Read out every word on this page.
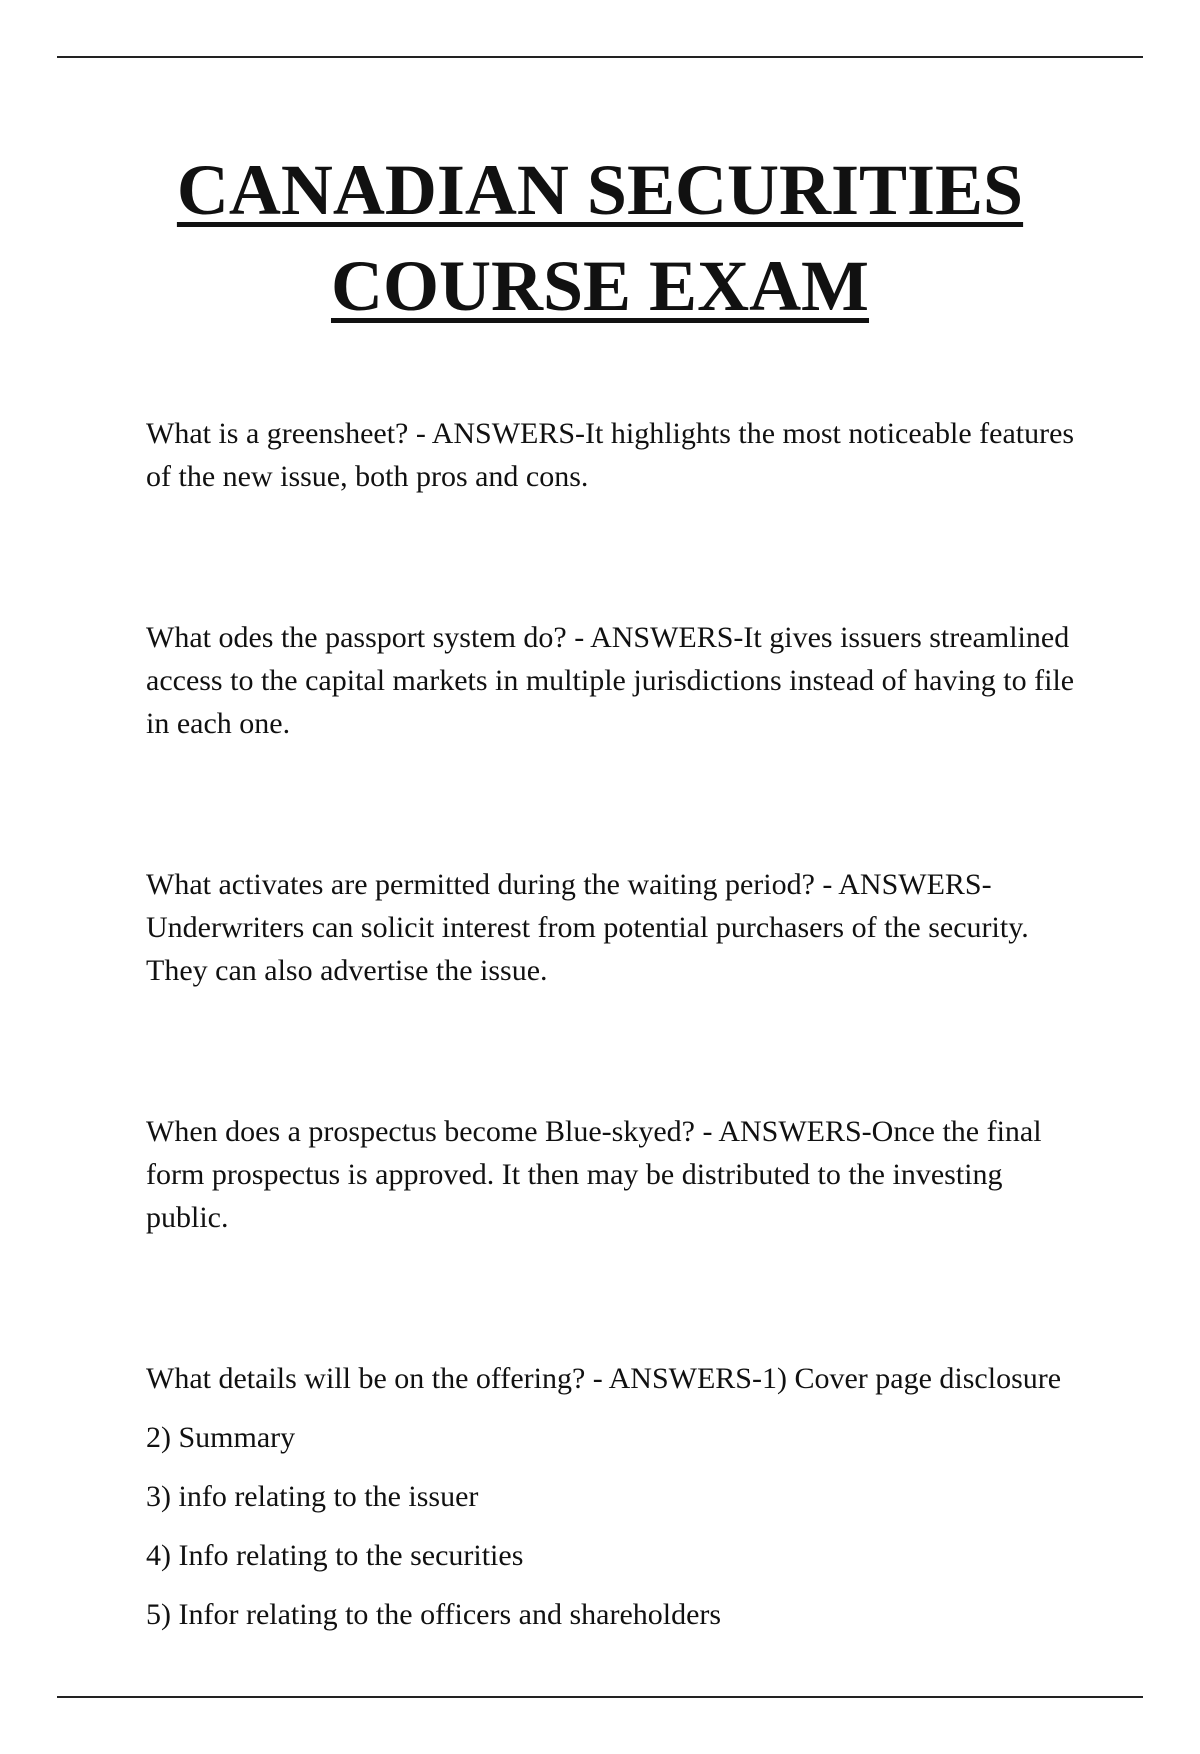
CANADIAN SECURITIES
COURSE EXAM

What is a greensheet? - ANSWERS-It highlights the most noticeable features of the new issue, both pros and cons.

What odes the passport system do? - ANSWERS-It gives issuers streamlined access to the capital markets in multiple jurisdictions instead of having to file in each one.

What activates are permitted during the waiting period? - ANSWERS-Underwriters can solicit interest from potential purchasers of the security. They can also advertise the issue.

When does a prospectus become Blue-skyed? - ANSWERS-Once the final form prospectus is approved. It then may be distributed to the investing public.

What details will be on the offering? - ANSWERS-1) Cover page disclosure

2) Summary

3) info relating to the issuer

4) Info relating to the securities

5) Infor relating to the officers and shareholders
